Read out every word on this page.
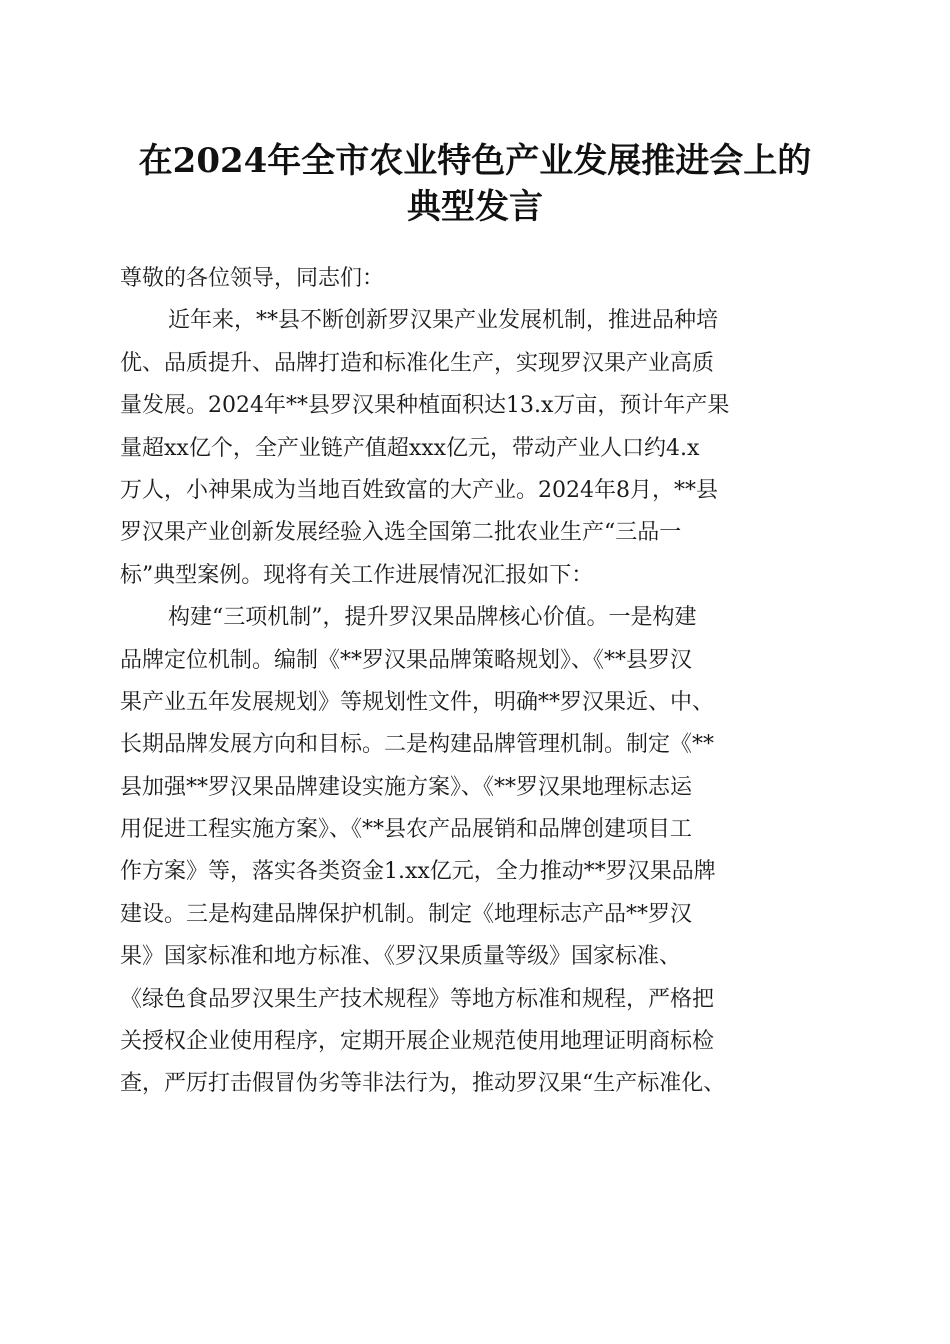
在2024年全市农业特色产业发展推进会上的
典型发言
尊敬的各位领导，同志们：
近年来，**县不断创新罗汉果产业发展机制，推进品种培
优、品质提升、品牌打造和标准化生产，实现罗汉果产业高质
量发展。2024年**县罗汉果种植面积达13.x万亩，预计年产果
量超xx亿个，全产业链产值超xxx亿元，带动产业人口约4.x
万人，小神果成为当地百姓致富的大产业。2024年8月，**县
罗汉果产业创新发展经验入选全国第二批农业生产“三品一
标”典型案例。现将有关工作进展情况汇报如下：
构建“三项机制”，提升罗汉果品牌核心价值。一是构建
品牌定位机制。编制《**罗汉果品牌策略规划》、《**县罗汉
果产业五年发展规划》等规划性文件，明确**罗汉果近、中、
长期品牌发展方向和目标。二是构建品牌管理机制。制定《**
县加强**罗汉果品牌建设实施方案》、《**罗汉果地理标志运
用促进工程实施方案》、《**县农产品展销和品牌创建项目工
作方案》等，落实各类资金1.xx亿元，全力推动**罗汉果品牌
建设。三是构建品牌保护机制。制定《地理标志产品**罗汉
果》国家标准和地方标准、《罗汉果质量等级》国家标准、
《绿色食品罗汉果生产技术规程》等地方标准和规程，严格把
关授权企业使用程序，定期开展企业规范使用地理证明商标检
查，严厉打击假冒伪劣等非法行为，推动罗汉果“生产标准化、
